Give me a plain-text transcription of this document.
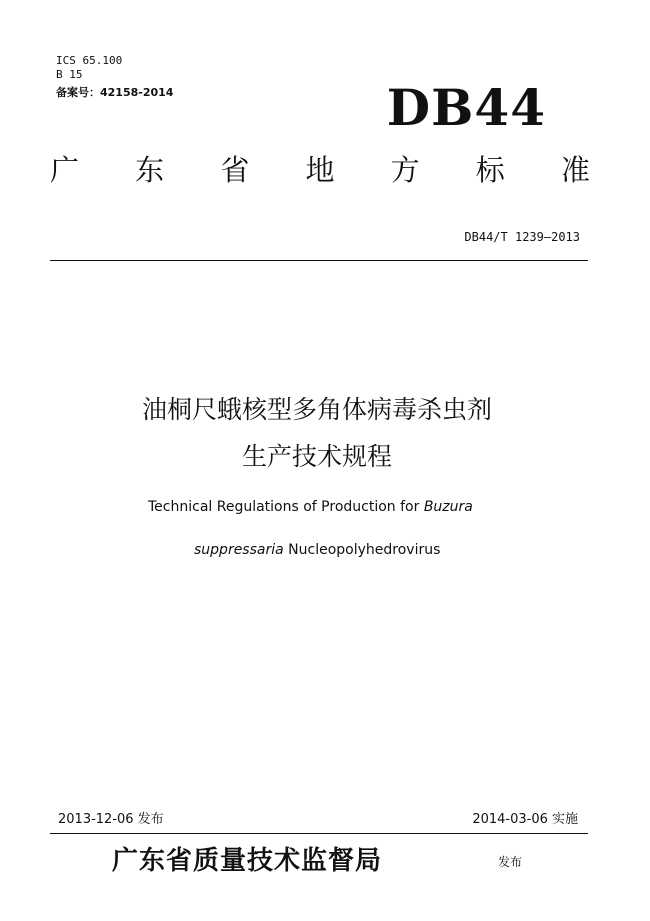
ICS 65.100
B 15
备案号：42158-2014	DB44
广 东 省 地 方 标 准
DB44/T 1239—2013
油桐尺蛾核型多角体病毒杀虫剂
生产技术规程
Technical Regulations of Production for Buzura
suppressaria Nucleopolyhedrovirus
2013-12-06 发布	2014-03-06 实施
广东省质量技术监督局	发布
